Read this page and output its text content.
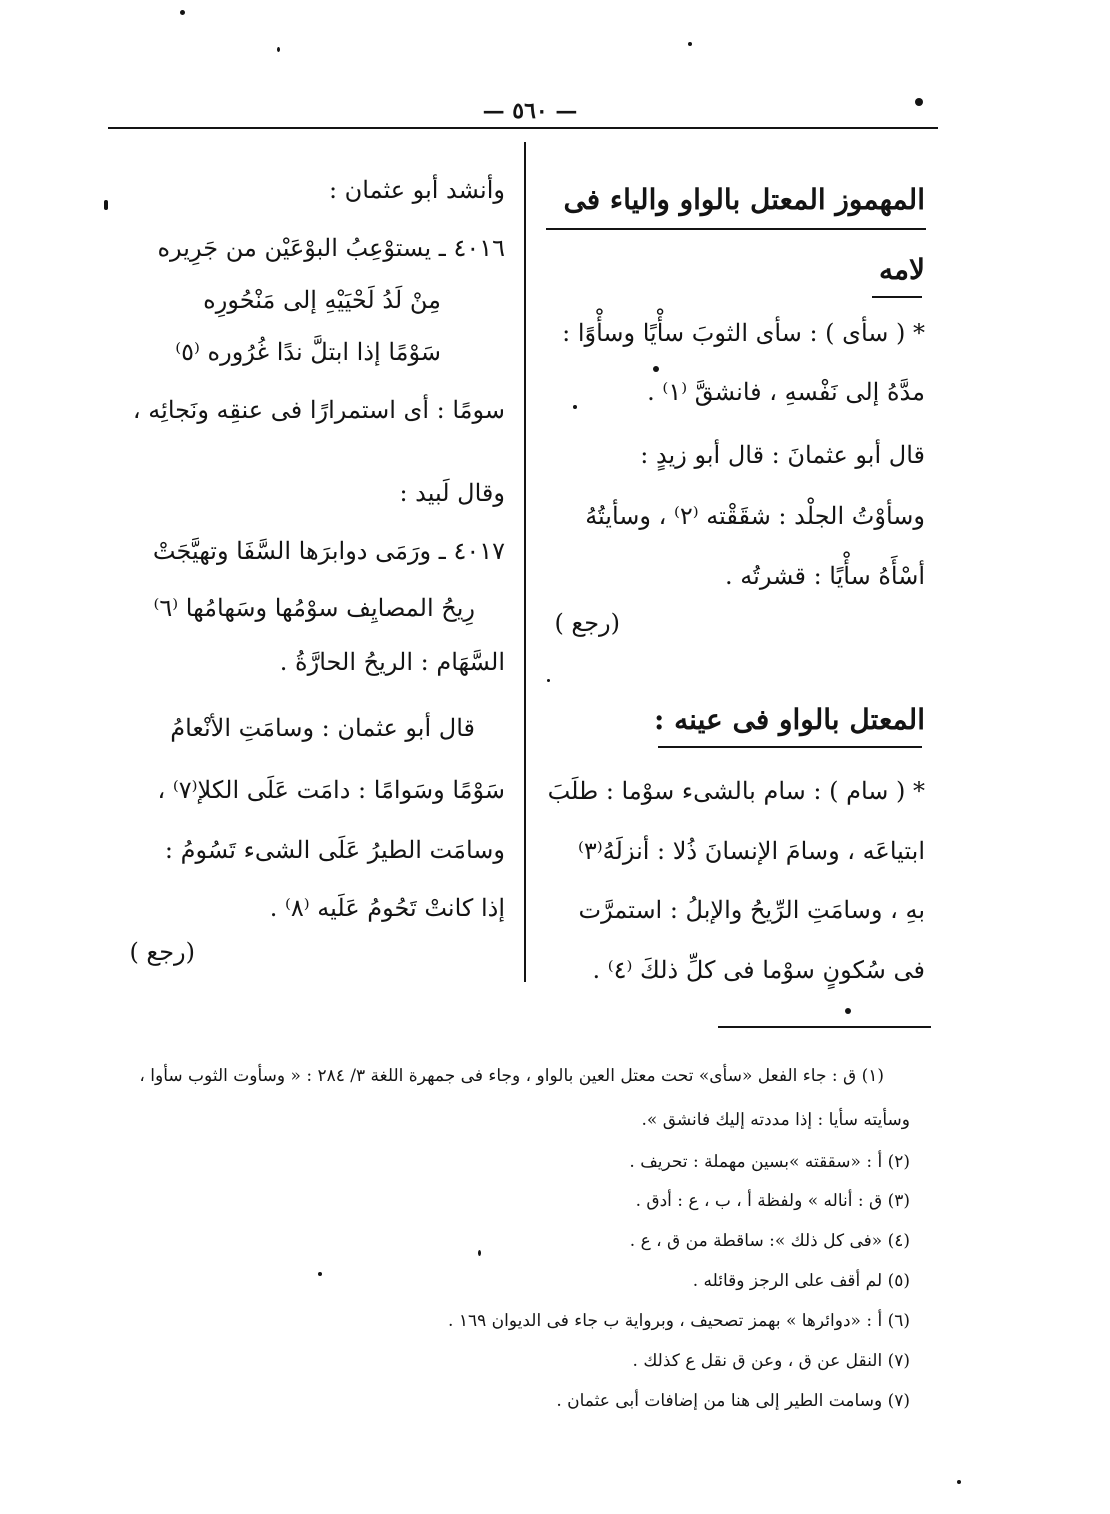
— ٥٦٠ —
المهموز المعتل بالواو والياء فى
لامه
* ( سأى ) : سأى الثوبَ سأْيًا وسأْوًا :
مدَّهُ إلى نَفْسهِ ، فانشقَّ ⁽١⁾ .
قال أبو عثمانَ : قال أبو زيدٍ :
وسأوْتُ الجلْد : شقَقْته ⁽٢⁾ ، وسأيتُهُ
أسْأَهُ سأْيًا : قشرتُه .
(رجع )
المعتل بالواو فى عينه :
* ( سام ) : سام بالشىء سوْما : طلَبَ
ابتياعَه ، وسامَ الإنسانَ ذُلا : أنزلَهُ⁽٣⁾
بهِ ، وسامَتِ الرِّيحُ والإبلُ : استمرَّت
فى سُكونٍ سوْما فى كلِّ ذلكَ ⁽٤⁾ .
وأنشد أبو عثمان :
٤٠١٦ ـ يستوْعِبُ البوْعَيْن من جَرِيره
مِنْ لَدُ لَحْيَيْهِ إلى مَنْحُورِه
سَوْمًا إذا ابتلَّ ندًا غُرُوره ⁽٥⁾
سومًا : أى استمرارًا فى عنقِه ونَجائِه ،
وقال لَبيد :
٤٠١٧ ـ ورَمَى دوابرَها السَّفَا وتهيَّجَتْ
رِيحُ المصايِف سوْمُها وسَهامُها ⁽٦⁾
السَّهَام : الريحُ الحارَّةُ .
قال أبو عثمان : وسامَتِ الأنْعامُ
سَوْمًا وسَوامًا : دامَت عَلَى الكلإ⁽٧⁾ ،
وسامَت الطيرُ عَلَى الشىء تَسُومُ :
إذا كانتْ تَحُومُ عَلَيه ⁽٨⁾ .
(رجع )
(١) ق : جاء الفعل «سأى» تحت معتل العين بالواو ، وجاء فى جمهرة اللغة ٣/ ٢٨٤ : « وسأوت الثوب سأوا ،
وسأيته سأيا : إذا مددته إليك فانشق ».
(٢) أ : «سققته »بسين مهملة : تحريف .
(٣) ق : أناله » ولفظة أ ، ب ، ع : أدق .
(٤) «فى كل ذلك »: ساقطة من ق ، ع .
(٥) لم أقف على الرجز وقائله .
(٦) أ : «دوائرها » بهمز تصحيف ، وبرواية ب جاء فى الديوان ١٦٩ .
(٧) النقل عن ق ، وعن ق نقل ع كذلك .
(٧) وسامت الطير إلى هنا من إضافات أبى عثمان .
